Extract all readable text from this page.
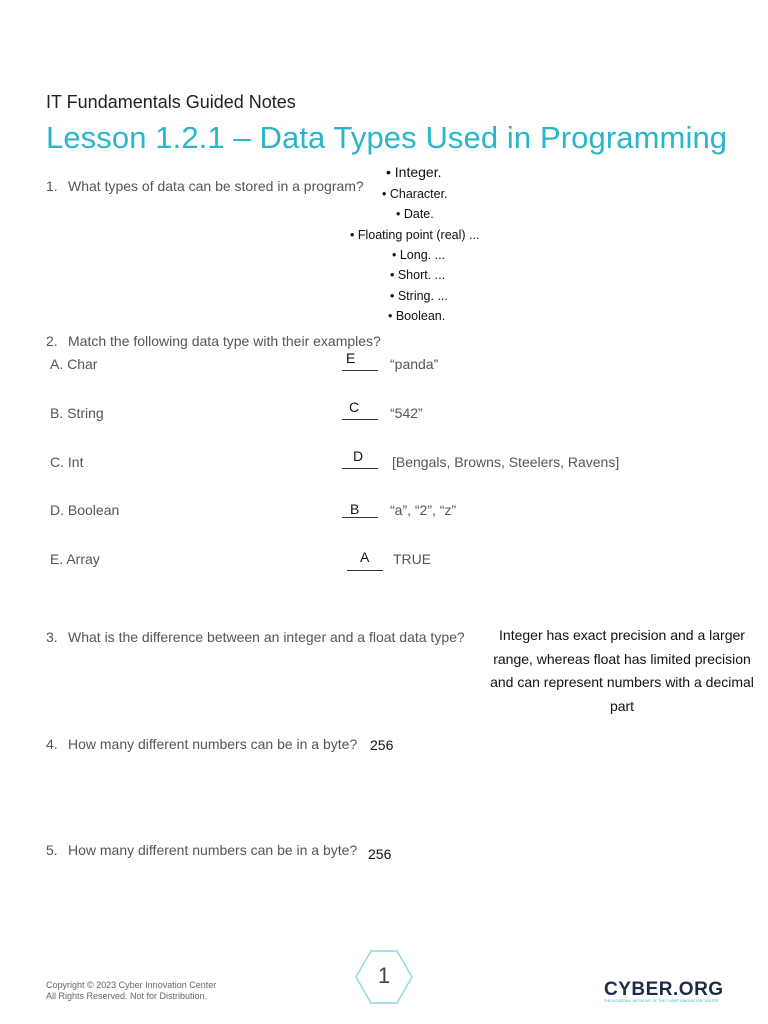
IT Fundamentals Guided Notes
Lesson 1.2.1 – Data Types Used in Programming
1. What types of data can be stored in a program?
• Integer.
• Character.
• Date.
• Floating point (real) ...
• Long. ...
• Short. ...
• String. ...
• Boolean.
2. Match the following data type with their examples?
A. Char	E “panda”
B. String	C “542”
C. Int	D [Bengals, Browns, Steelers, Ravens]
D. Boolean	B “a”, “2”, “z”
E. Array	A TRUE
3. What is the difference between an integer and a float data type?	Integer has exact precision and a larger range, whereas float has limited precision and can represent numbers with a decimal part
4. How many different numbers can be in a byte? 256
5. How many different numbers can be in a byte? 256
Copyright © 2023 Cyber Innovation Center
All Rights Reserved. Not for Distribution.
1
CYBER.ORG
THE ACADEMIC INITIATIVE OF THE CYBER INNOVATION CENTER
